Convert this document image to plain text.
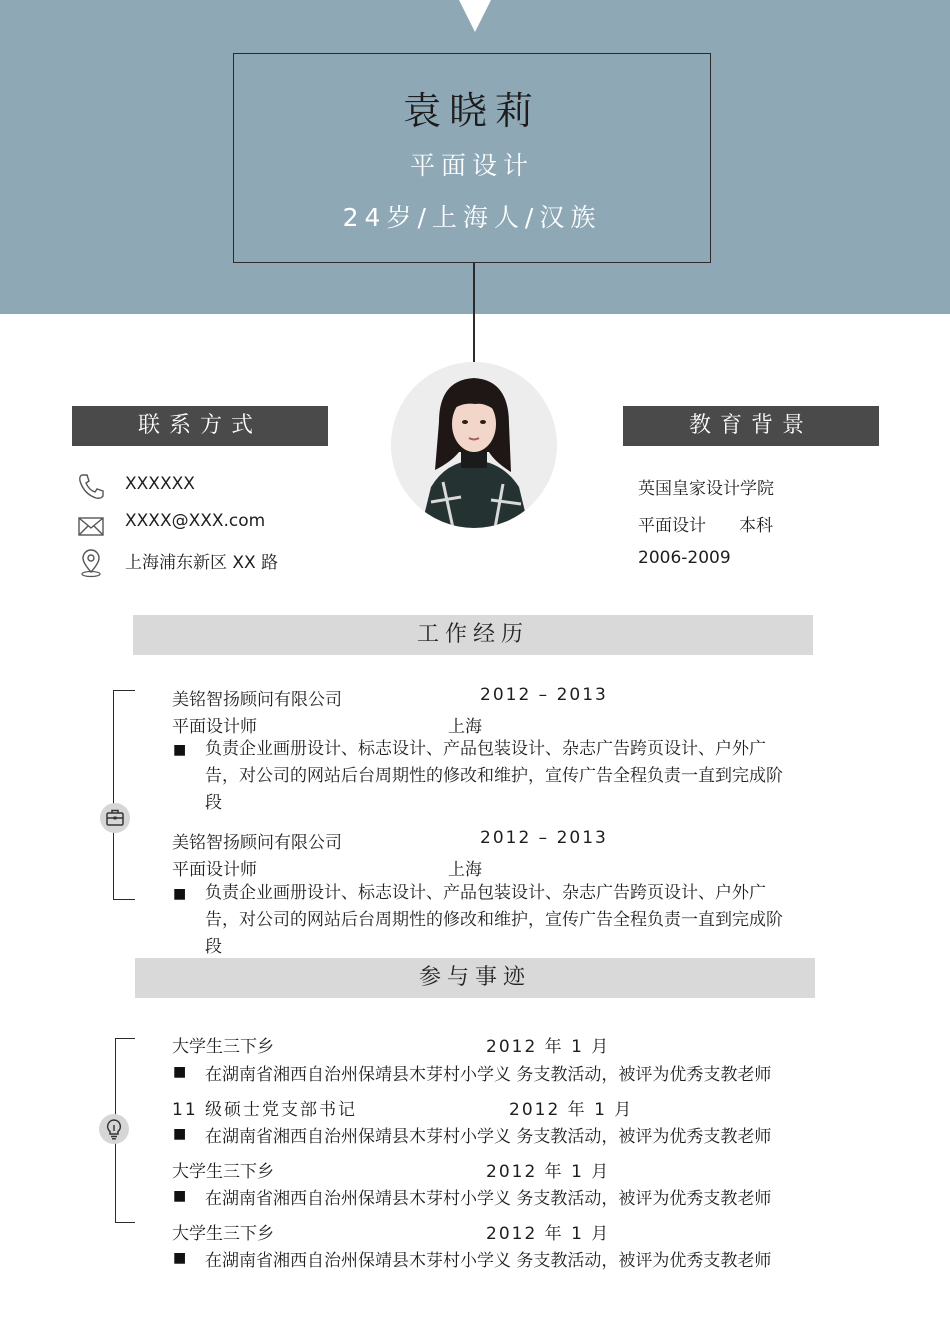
袁晓莉
平面设计
24岁/上海人/汉族
联系方式
XXXXXX
XXXX@XXX.com
上海浦东新区 XX 路
教育背景
英国皇家设计学院
平面设计 本科
2006-2009
工作经历
美铭智扬顾问有限公司	2012 – 2013
平面设计师	上海
■ 负责企业画册设计、标志设计、产品包装设计、杂志广告跨页设计、户外广告，对公司的网站后台周期性的修改和维护，宣传广告全程负责一直到完成阶段
美铭智扬顾问有限公司	2012 – 2013
平面设计师	上海
■ 负责企业画册设计、标志设计、产品包装设计、杂志广告跨页设计、户外广告，对公司的网站后台周期性的修改和维护，宣传广告全程负责一直到完成阶段
参与事迹
大学生三下乡	2012 年 1 月
■ 在湖南省湘西自治州保靖县木芽村小学义 务支教活动，被评为优秀支教老师
11 级硕士党支部书记	2012 年 1 月
■ 在湖南省湘西自治州保靖县木芽村小学义 务支教活动，被评为优秀支教老师
大学生三下乡	2012 年 1 月
■ 在湖南省湘西自治州保靖县木芽村小学义 务支教活动，被评为优秀支教老师
大学生三下乡	2012 年 1 月
■ 在湖南省湘西自治州保靖县木芽村小学义 务支教活动，被评为优秀支教老师
